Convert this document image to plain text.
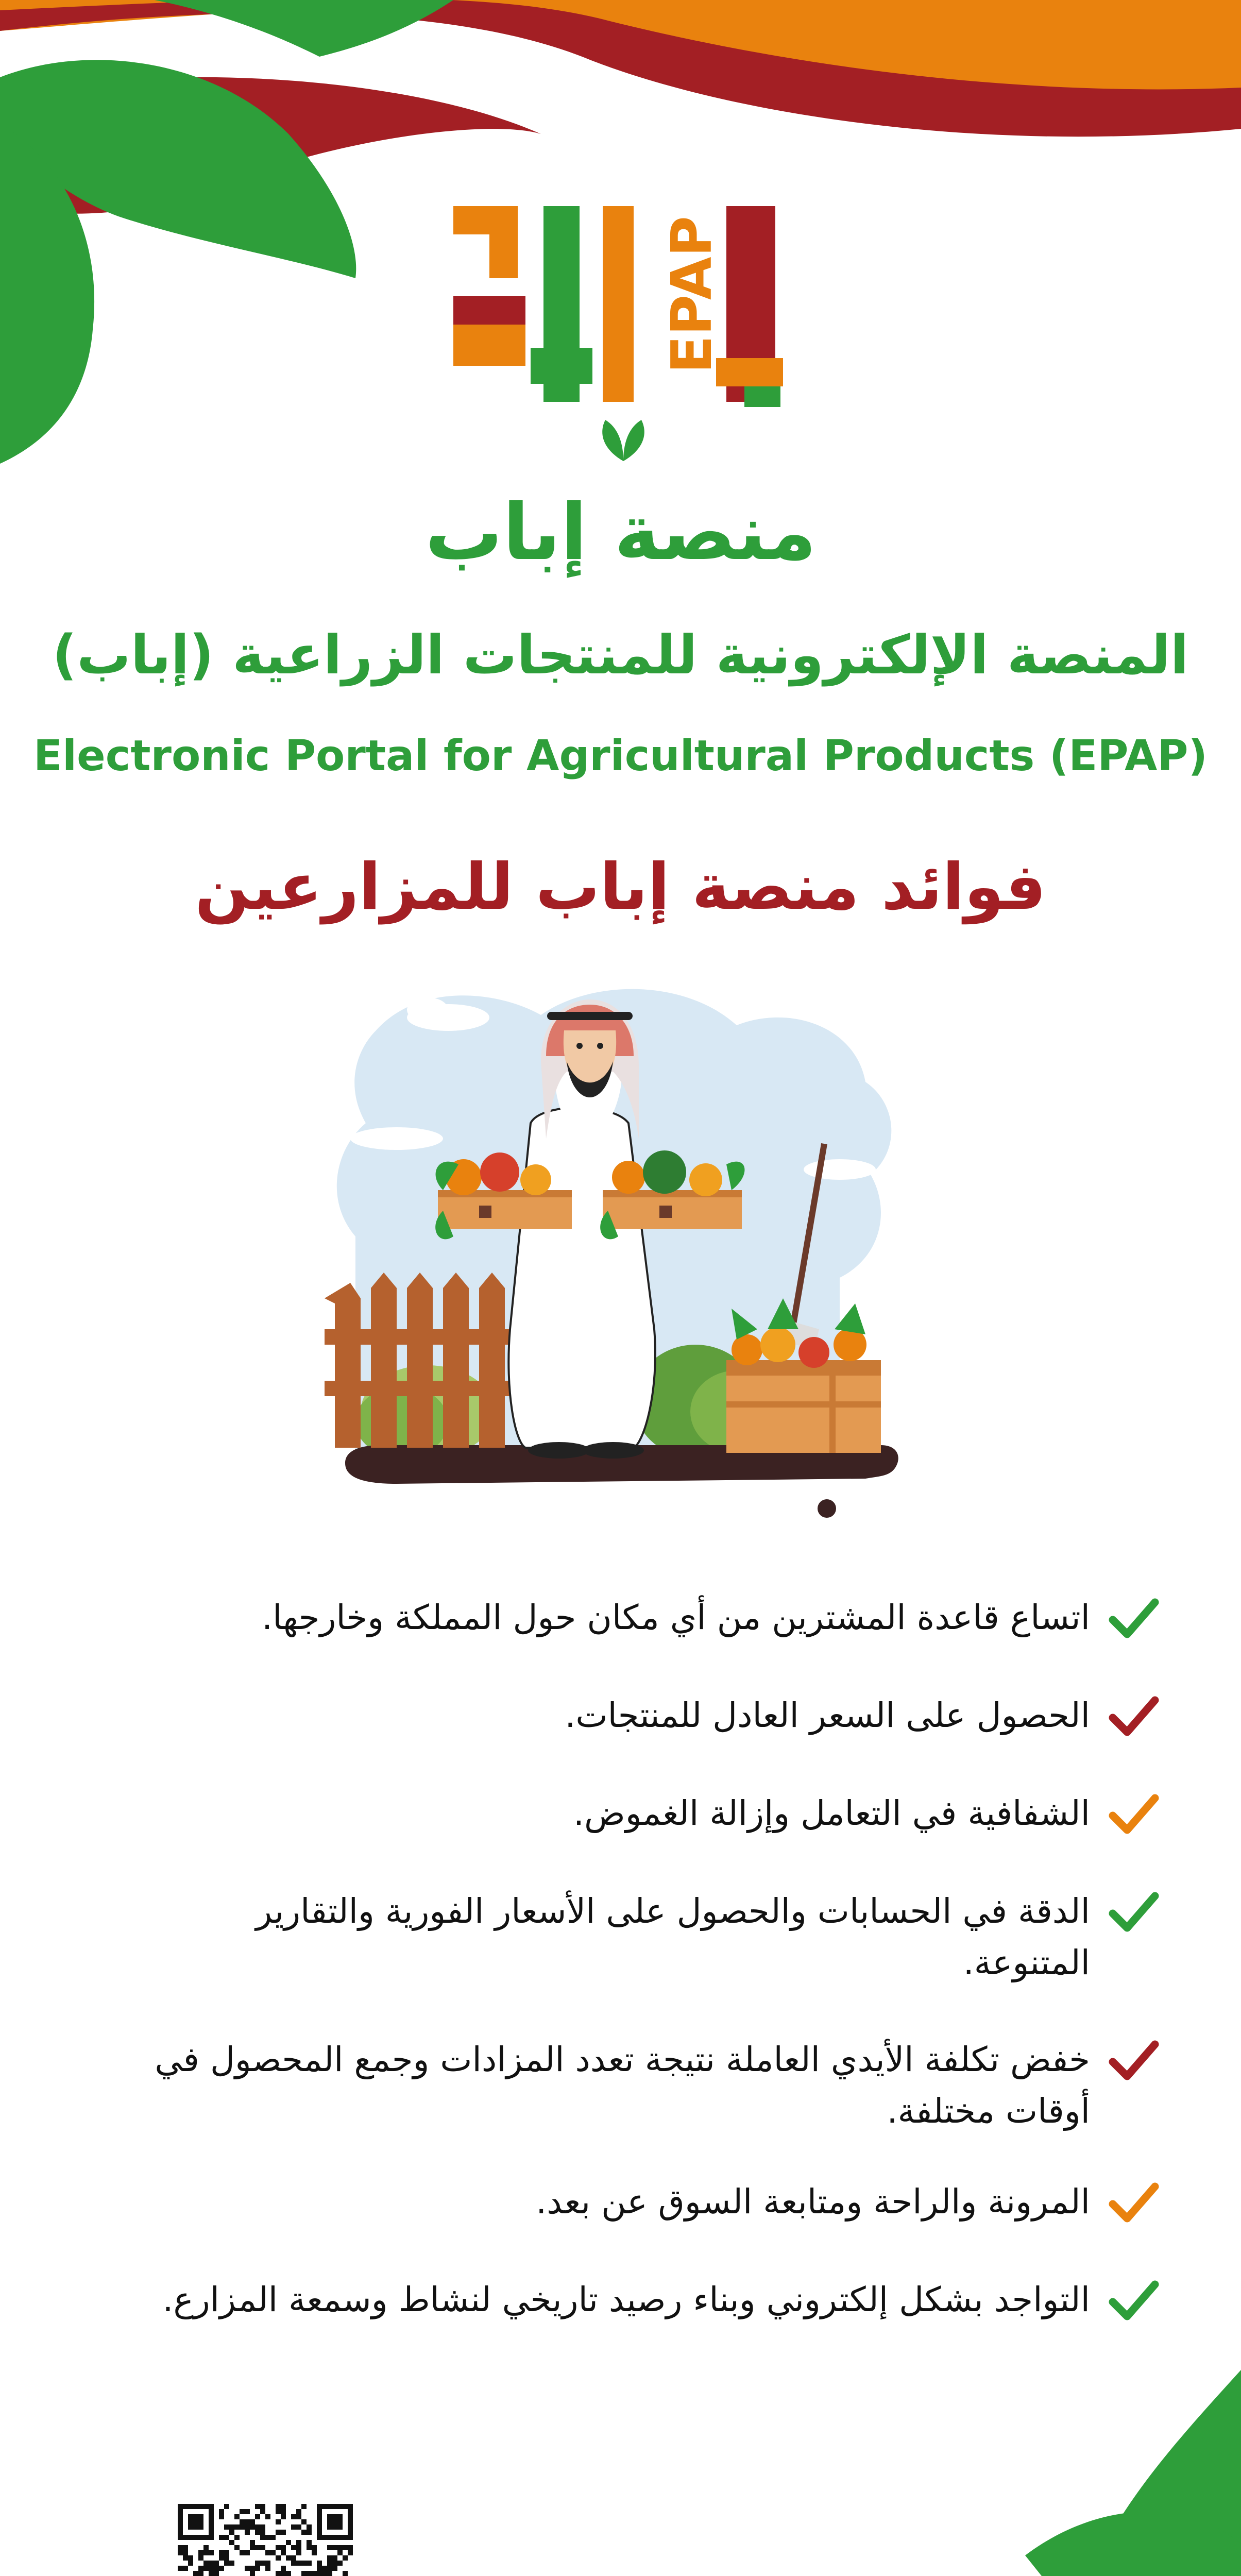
EPAP
منصة إباب
المنصة الإلكترونية للمنتجات الزراعية (إباب)
Electronic Portal for Agricultural Products (EPAP)
فوائد منصة إباب للمزارعين
اتساع قاعدة المشترين من أي مكان حول المملكة وخارجها.
الحصول على السعر العادل للمنتجات.
الشفافية في التعامل وإزالة الغموض.
الدقة في الحسابات والحصول على الأسعار الفورية والتقارير المتنوعة.
خفض تكلفة الأيدي العاملة نتيجة تعدد المزادات وجمع المحصول في أوقات مختلفة.
المرونة والراحة ومتابعة السوق عن بعد.
التواجد بشكل إلكتروني وبناء رصيد تاريخي لنشاط وسمعة المزارع.
